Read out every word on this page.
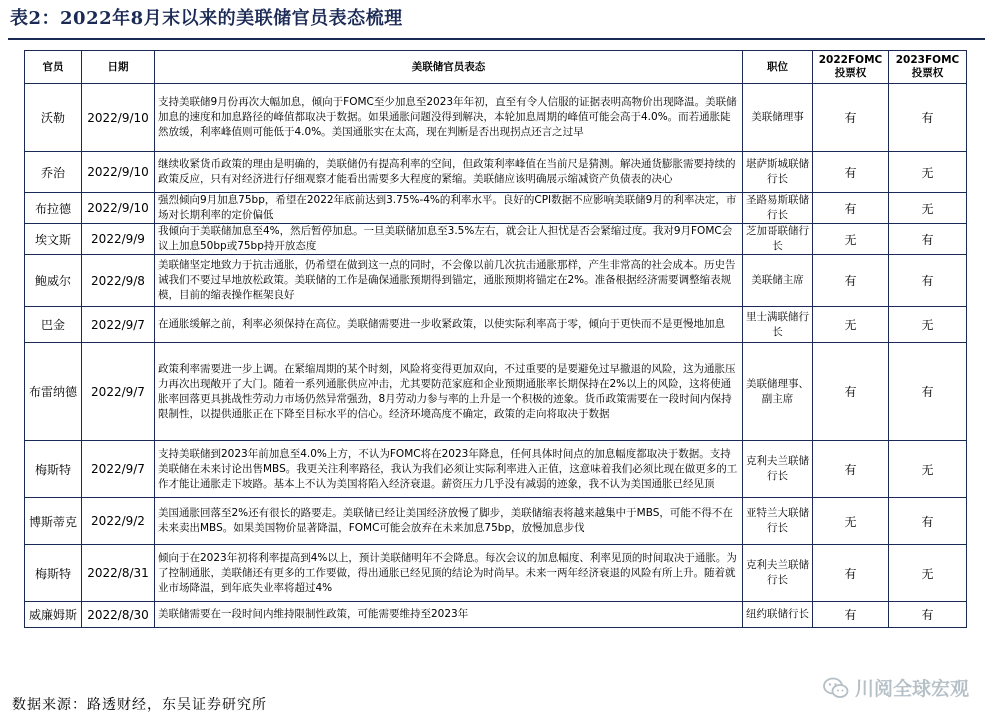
表2：2022年8月末以来的美联储官员表态梳理
官员	日期	美联储官员表态	职位	2022FOMC投票权	2023FOMC投票权
沃勒	2022/9/10	支持美联储9月份再次大幅加息，倾向于FOMC至少加息至2023年年初，直至有令人信服的证据表明高物价出现降温。美联储加息的速度和加息路径的峰值都取决于数据。如果通胀问题没得到解决，本轮加息周期的峰值可能会高于4.0%。而若通胀陡然放缓，利率峰值则可能低于4.0%。美国通胀实在太高，现在判断是否出现拐点还言之过早	美联储理事	有	有
乔治	2022/9/10	继续收紧货币政策的理由是明确的，美联储仍有提高利率的空间，但政策利率峰值在当前尺是猜测。解决通货膨胀需要持续的政策反应，只有对经济进行仔细观察才能看出需要多大程度的紧缩。美联储应该明确展示缩减资产负债表的决心	堪萨斯城联储行长	有	无
布拉德	2022/9/10	强烈倾向9月加息75bp，希望在2022年底前达到3.75%-4%的利率水平。良好的CPI数据不应影响美联储9月的利率决定，市场对长期利率的定价偏低	圣路易斯联储行长	有	无
埃文斯	2022/9/9	我倾向于美联储加息至4%，然后暂停加息。一旦美联储加息至3.5%左右，就会让人担忧是否会紧缩过度。我对9月FOMC会议上加息50bp或75bp持开放态度	芝加哥联储行长	无	有
鲍威尔	2022/9/8	美联储坚定地致力于抗击通胀，仍希望在做到这一点的同时，不会像以前几次抗击通胀那样，产生非常高的社会成本。历史告诫我们不要过早地放松政策。美联储的工作是确保通胀预期得到锚定，通胀预期将锚定在2%。准备根据经济需要调整缩表规模，目前的缩表操作框架良好	美联储主席	有	有
巴金	2022/9/7	在通胀缓解之前，利率必须保持在高位。美联储需要进一步收紧政策，以使实际利率高于零，倾向于更快而不是更慢地加息	里士满联储行长	无	无
布雷纳德	2022/9/7	政策利率需要进一步上调。在紧缩周期的某个时刻，风险将变得更加双向，不过重要的是要避免过早撤退的风险，这为通胀压力再次出现敞开了大门。随着一系列通胀供应冲击，尤其要防范家庭和企业预期通胀率长期保持在2%以上的风险，这将使通胀率回落更具挑战性劳动力市场仍然异常强劲，8月劳动力参与率的上升是一个积极的迹象。货币政策需要在一段时间内保持限制性，以提供通胀正在下降至目标水平的信心。经济环境高度不确定，政策的走向将取决于数据	美联储理事、副主席	有	有
梅斯特	2022/9/7	支持美联储到2023年前加息至4.0%上方，不认为FOMC将在2023年降息，任何具体时间点的加息幅度都取决于数据。支持美联储在未来讨论出售MBS。我更关注利率路径，我认为我们必须让实际利率进入正值，这意味着我们必须比现在做更多的工作才能让通胀走下坡路。基本上不认为美国将陷入经济衰退。薪资压力几乎没有减弱的迹象，我不认为美国通胀已经见顶	克利夫兰联储行长	有	无
博斯蒂克	2022/9/2	美国通胀回落至2%还有很长的路要走。美联储已经让美国经济放慢了脚步，美联储缩表将越来越集中于MBS，可能不得不在未来卖出MBS。如果美国物价显著降温，FOMC可能会放弃在未来加息75bp，放慢加息步伐	亚特兰大联储行长	无	有
梅斯特	2022/8/31	倾向于在2023年初将利率提高到4%以上，预计美联储明年不会降息。每次会议的加息幅度、利率见顶的时间取决于通胀。为了控制通胀，美联储还有更多的工作要做，得出通胀已经见顶的结论为时尚早。未来一两年经济衰退的风险有所上升。随着就业市场降温，到年底失业率将超过4%	克利夫兰联储行长	有	无
威廉姆斯	2022/8/30	美联储需要在一段时间内维持限制性政策，可能需要维持至2023年	纽约联储行长	有	有
数据来源：路透财经，东吴证券研究所
川阅全球宏观
